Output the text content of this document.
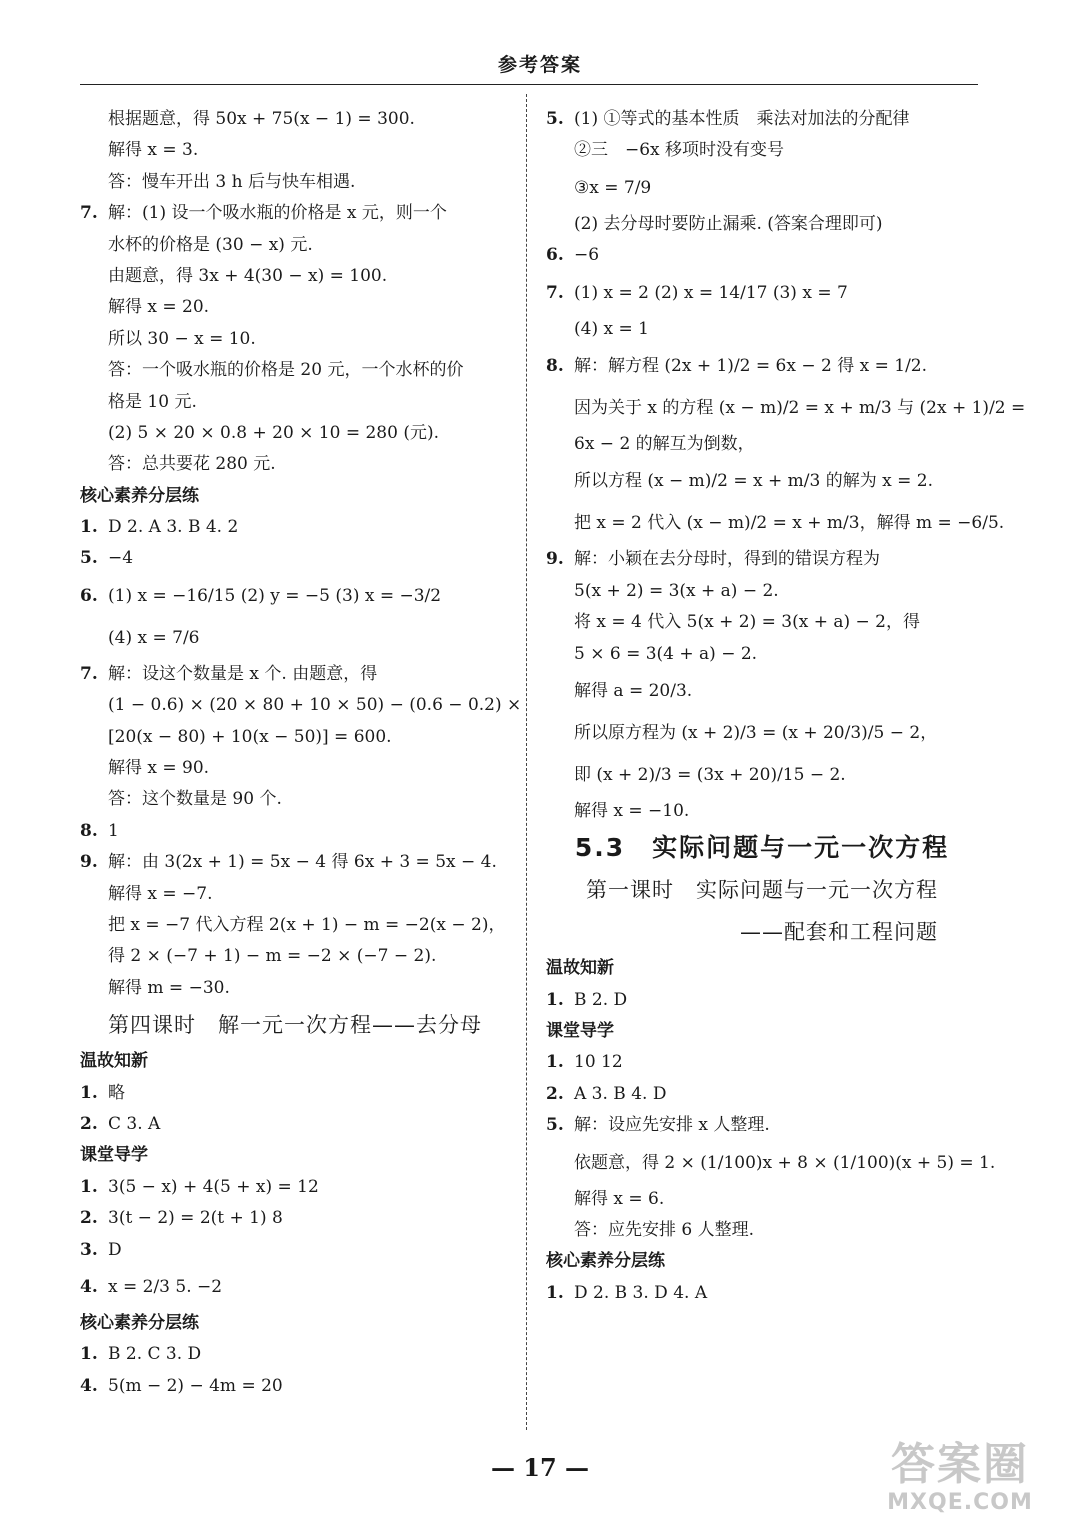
参考答案
根据题意，得 50x + 75(x − 1) = 300.
解得 x = 3.
答：慢车开出 3 h 后与快车相遇.
7. 解：(1) 设一个吸水瓶的价格是 x 元，则一个
水杯的价格是 (30 − x) 元.
由题意，得 3x + 4(30 − x) = 100.
解得 x = 20.
所以 30 − x = 10.
答：一个吸水瓶的价格是 20 元，一个水杯的价
格是 10 元.
(2) 5 × 20 × 0.8 + 20 × 10 = 280 (元).
答：总共要花 280 元.
核心素养分层练
1. D 2. A 3. B 4. 2
5. −4
6. (1) x = −16/15 (2) y = −5 (3) x = −3/2
(4) x = 7/6
7. 解：设这个数量是 x 个. 由题意，得
(1 − 0.6) × (20 × 80 + 10 × 50) − (0.6 − 0.2) ×
[20(x − 80) + 10(x − 50)] = 600.
解得 x = 90.
答：这个数量是 90 个.
8. 1
9. 解：由 3(2x + 1) = 5x − 4 得 6x + 3 = 5x − 4.
解得 x = −7.
把 x = −7 代入方程 2(x + 1) − m = −2(x − 2)，
得 2 × (−7 + 1) − m = −2 × (−7 − 2).
解得 m = −30.
第四课时　解一元一次方程——去分母
温故知新
1. 略
2. C 3. A
课堂导学
1. 3(5 − x) + 4(5 + x) = 12
2. 3(t − 2) = 2(t + 1) 8
3. D
4. x = 2/3 5. −2
核心素养分层练
1. B 2. C 3. D
4. 5(m − 2) − 4m = 20
5. (1) ①等式的基本性质　乘法对加法的分配律
②三　−6x 移项时没有变号
③x = 7/9
(2) 去分母时要防止漏乘. (答案合理即可)
6. −6
7. (1) x = 2 (2) x = 14/17 (3) x = 7
(4) x = 1
8. 解：解方程 (2x + 1)/2 = 6x − 2 得 x = 1/2.
因为关于 x 的方程 (x − m)/2 = x + m/3 与 (2x + 1)/2 =
6x − 2 的解互为倒数，
所以方程 (x − m)/2 = x + m/3 的解为 x = 2.
把 x = 2 代入 (x − m)/2 = x + m/3，解得 m = −6/5.
9. 解：小颖在去分母时，得到的错误方程为
5(x + 2) = 3(x + a) − 2.
将 x = 4 代入 5(x + 2) = 3(x + a) − 2，得
5 × 6 = 3(4 + a) − 2.
解得 a = 20/3.
所以原方程为 (x + 2)/3 = (x + 20/3)/5 − 2，
即 (x + 2)/3 = (3x + 20)/15 − 2.
解得 x = −10.
5.3　实际问题与一元一次方程
第一课时　实际问题与一元一次方程
——配套和工程问题
温故知新
1. B 2. D
课堂导学
1. 10 12
2. A 3. B 4. D
5. 解：设应先安排 x 人整理.
依题意，得 2 × (1/100)x + 8 × (1/100)(x + 5) = 1.
解得 x = 6.
答：应先安排 6 人整理.
核心素养分层练
1. D 2. B 3. D 4. A
— 17 —	答案圈
MXQE.COM
